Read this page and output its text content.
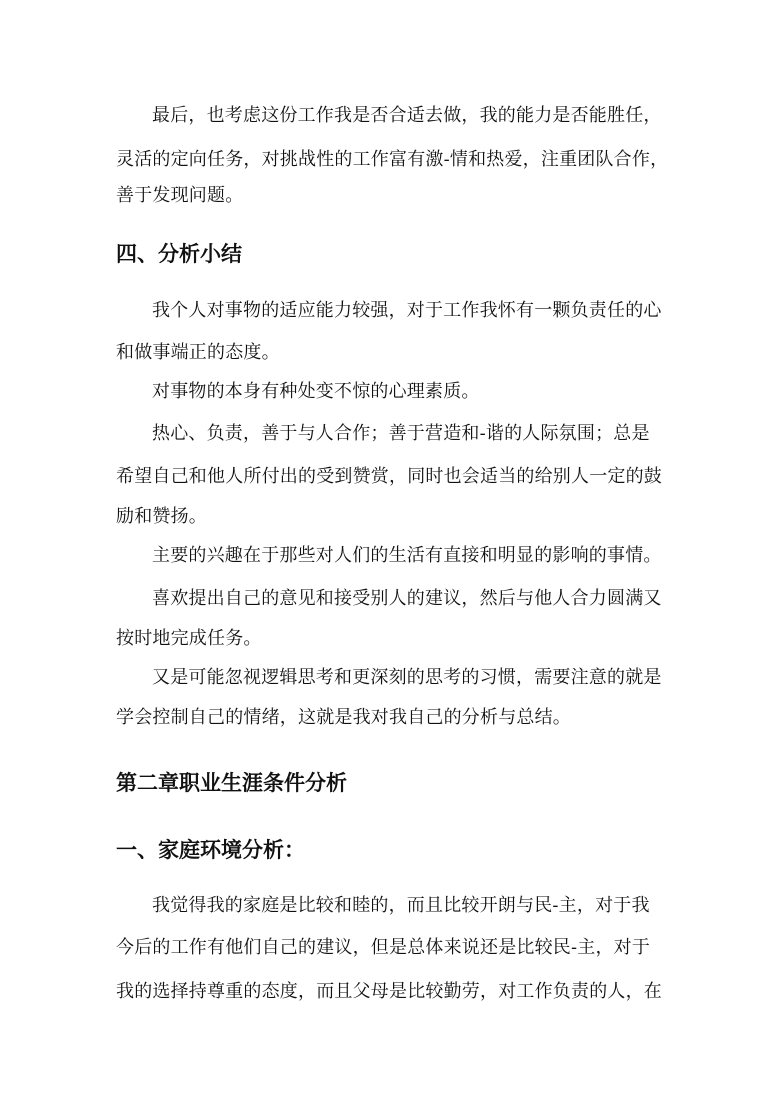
最后，也考虑这份工作我是否合适去做，我的能力是否能胜任，
灵活的定向任务，对挑战性的工作富有激-情和热爱，注重团队合作，
善于发现问题。
四、分析小结
我个人对事物的适应能力较强，对于工作我怀有一颗负责任的心
和做事端正的态度。
对事物的本身有种处变不惊的心理素质。
热心、负责，善于与人合作；善于营造和-谐的人际氛围；总是
希望自己和他人所付出的受到赞赏，同时也会适当的给别人一定的鼓
励和赞扬。
主要的兴趣在于那些对人们的生活有直接和明显的影响的事情。
喜欢提出自己的意见和接受别人的建议，然后与他人合力圆满又
按时地完成任务。
又是可能忽视逻辑思考和更深刻的思考的习惯，需要注意的就是
学会控制自己的情绪，这就是我对我自己的分析与总结。
第二章职业生涯条件分析
一、家庭环境分析：
我觉得我的家庭是比较和睦的，而且比较开朗与民-主，对于我
今后的工作有他们自己的建议，但是总体来说还是比较民-主，对于
我的选择持尊重的态度，而且父母是比较勤劳，对工作负责的人，在
